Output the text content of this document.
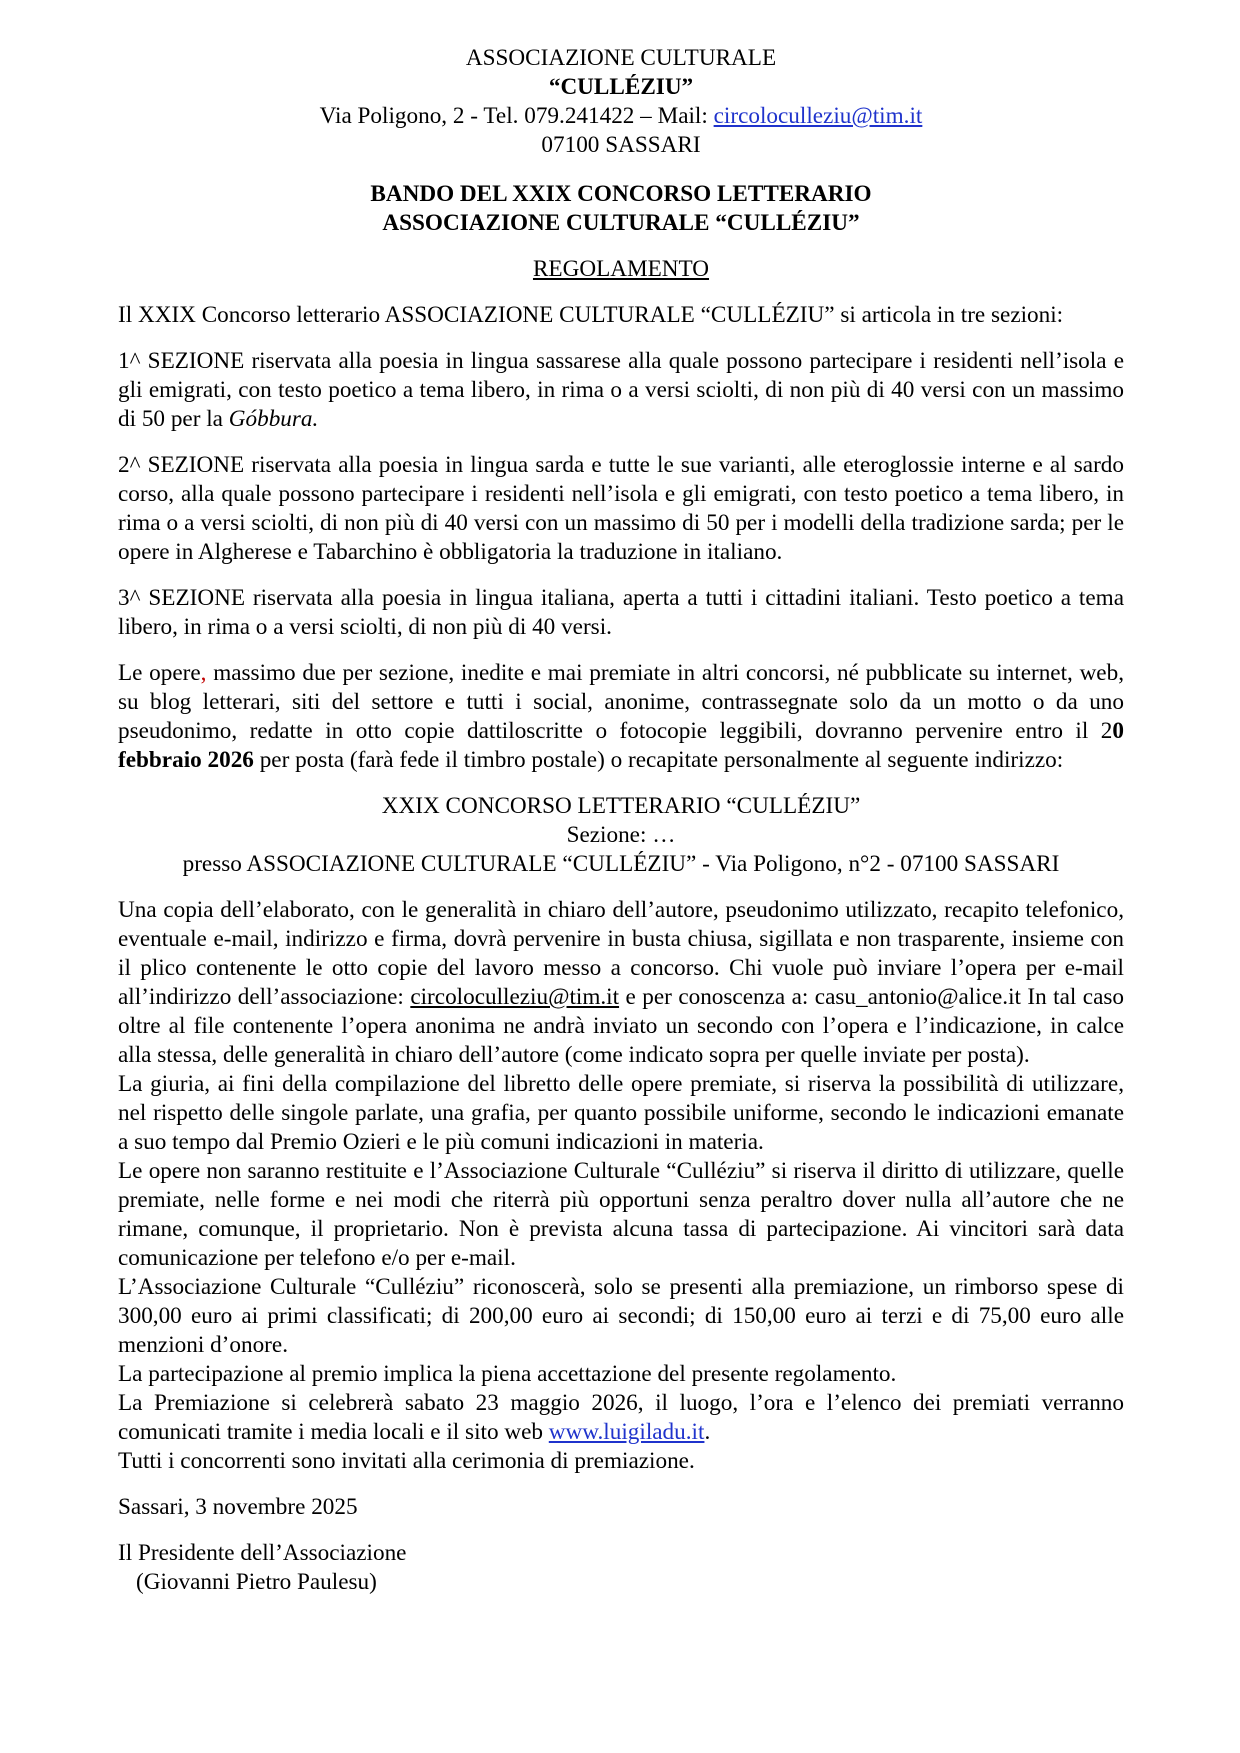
ASSOCIAZIONE CULTURALE

“CULLÉZIU”

Via Poligono, 2 - Tel. 079.241422 – Mail: circoloculleziu@tim.it

07100 SASSARI

BANDO DEL XXIX CONCORSO LETTERARIO

ASSOCIAZIONE CULTURALE “CULLÉZIU”

REGOLAMENTO

Il XXIX Concorso letterario ASSOCIAZIONE CULTURALE “CULLÉZIU” si articola in tre sezioni:

1^ SEZIONE riservata alla poesia in lingua sassarese alla quale possono partecipare i residenti nell’isola e gli emigrati, con testo poetico a tema libero, in rima o a versi sciolti, di non più di 40 versi con un massimo di 50 per la Góbbura.

2^ SEZIONE riservata alla poesia in lingua sarda e tutte le sue varianti, alle eteroglossie interne e al sardo corso, alla quale possono partecipare i residenti nell’isola e gli emigrati, con testo poetico a tema libero, in rima o a versi sciolti, di non più di 40 versi con un massimo di 50 per i modelli della tradizione sarda; per le opere in Algherese e Tabarchino è obbligatoria la traduzione in italiano.

3^ SEZIONE riservata alla poesia in lingua italiana, aperta a tutti i cittadini italiani. Testo poetico a tema libero, in rima o a versi sciolti, di non più di 40 versi.

Le opere, massimo due per sezione, inedite e mai premiate in altri concorsi, né pubblicate su internet, web, su blog letterari, siti del settore e tutti i social, anonime, contrassegnate solo da un motto o da uno pseudonimo, redatte in otto copie dattiloscritte o fotocopie leggibili, dovranno pervenire entro il 20 febbraio 2026 per posta (farà fede il timbro postale) o recapitate personalmente al seguente indirizzo:

XXIX CONCORSO LETTERARIO “CULLÉZIU”

Sezione: …

presso ASSOCIAZIONE CULTURALE “CULLÉZIU” - Via Poligono, n°2 - 07100 SASSARI

Una copia dell’elaborato, con le generalità in chiaro dell’autore, pseudonimo utilizzato, recapito telefonico, eventuale e-mail, indirizzo e firma, dovrà pervenire in busta chiusa, sigillata e non trasparente, insieme con il plico contenente le otto copie del lavoro messo a concorso. Chi vuole può inviare l’opera per e-mail all’indirizzo dell’associazione: circoloculleziu@tim.it e per conoscenza a: casu_antonio@alice.it In tal caso oltre al file contenente l’opera anonima ne andrà inviato un secondo con l’opera e l’indicazione, in calce alla stessa, delle generalità in chiaro dell’autore (come indicato sopra per quelle inviate per posta).

La giuria, ai fini della compilazione del libretto delle opere premiate, si riserva la possibilità di utilizzare, nel rispetto delle singole parlate, una grafia, per quanto possibile uniforme, secondo le indicazioni emanate a suo tempo dal Premio Ozieri e le più comuni indicazioni in materia.

Le opere non saranno restituite e l’Associazione Culturale “Culléziu” si riserva il diritto di utilizzare, quelle premiate, nelle forme e nei modi che riterrà più opportuni senza peraltro dover nulla all’autore che ne rimane, comunque, il proprietario. Non è prevista alcuna tassa di partecipazione. Ai vincitori sarà data comunicazione per telefono e/o per e-mail.

L’Associazione Culturale “Culléziu” riconoscerà, solo se presenti alla premiazione, un rimborso spese di 300,00 euro ai primi classificati; di 200,00 euro ai secondi; di 150,00 euro ai terzi e di 75,00 euro alle menzioni d’onore.

La partecipazione al premio implica la piena accettazione del presente regolamento.

La Premiazione si celebrerà sabato 23 maggio 2026, il luogo, l’ora e l’elenco dei premiati verranno comunicati tramite i media locali e il sito web www.luigiladu.it.

Tutti i concorrenti sono invitati alla cerimonia di premiazione.

Sassari, 3 novembre 2025

Il Presidente dell’Associazione

(Giovanni Pietro Paulesu)
